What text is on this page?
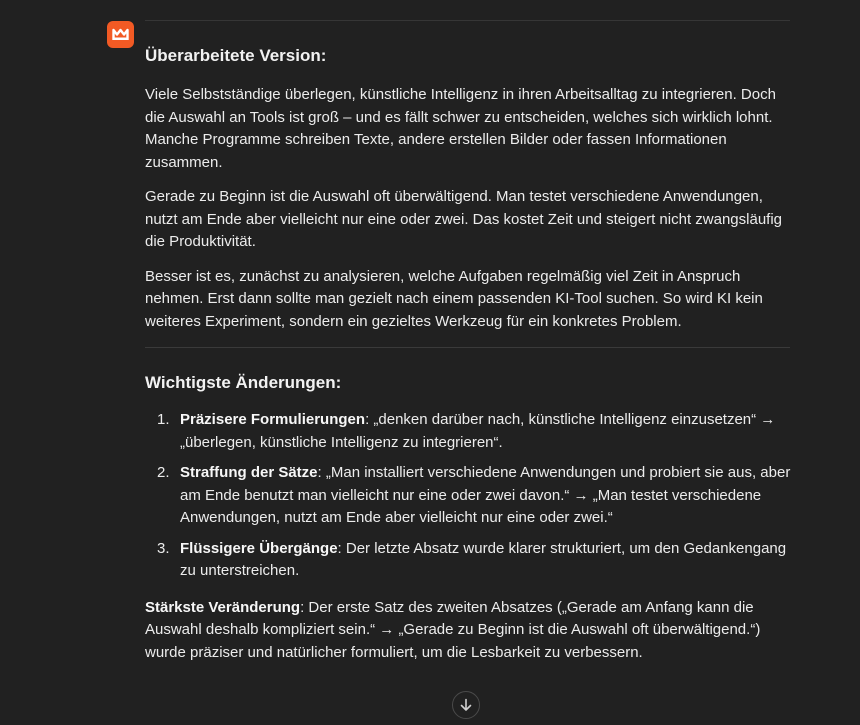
Überarbeitete Version:

Viele Selbstständige überlegen, künstliche Intelligenz in ihren Arbeitsalltag zu integrieren. Doch die Auswahl an Tools ist groß – und es fällt schwer zu entscheiden, welches sich wirklich lohnt. Manche Programme schreiben Texte, andere erstellen Bilder oder fassen Informationen zusammen.

Gerade zu Beginn ist die Auswahl oft überwältigend. Man testet verschiedene Anwendungen, nutzt am Ende aber vielleicht nur eine oder zwei. Das kostet Zeit und steigert nicht zwangsläufig die Produktivität.

Besser ist es, zunächst zu analysieren, welche Aufgaben regelmäßig viel Zeit in Anspruch nehmen. Erst dann sollte man gezielt nach einem passenden KI-Tool suchen. So wird KI kein weiteres Experiment, sondern ein gezieltes Werkzeug für ein konkretes Problem.

Wichtigste Änderungen:
1. Präzisere Formulierungen: „denken darüber nach, künstliche Intelligenz einzusetzen“ → „überlegen, künstliche Intelligenz zu integrieren“.
2. Straffung der Sätze: „Man installiert verschiedene Anwendungen und probiert sie aus, aber am Ende benutzt man vielleicht nur eine oder zwei davon.“ → „Man testet verschiedene Anwendungen, nutzt am Ende aber vielleicht nur eine oder zwei.“
3. Flüssigere Übergänge: Der letzte Absatz wurde klarer strukturiert, um den Gedankengang zu unterstreichen.

Stärkste Veränderung: Der erste Satz des zweiten Absatzes („Gerade am Anfang kann die Auswahl deshalb kompliziert sein.“ → „Gerade zu Beginn ist die Auswahl oft überwältigend.“) wurde präziser und natürlicher formuliert, um die Lesbarkeit zu verbessern.
